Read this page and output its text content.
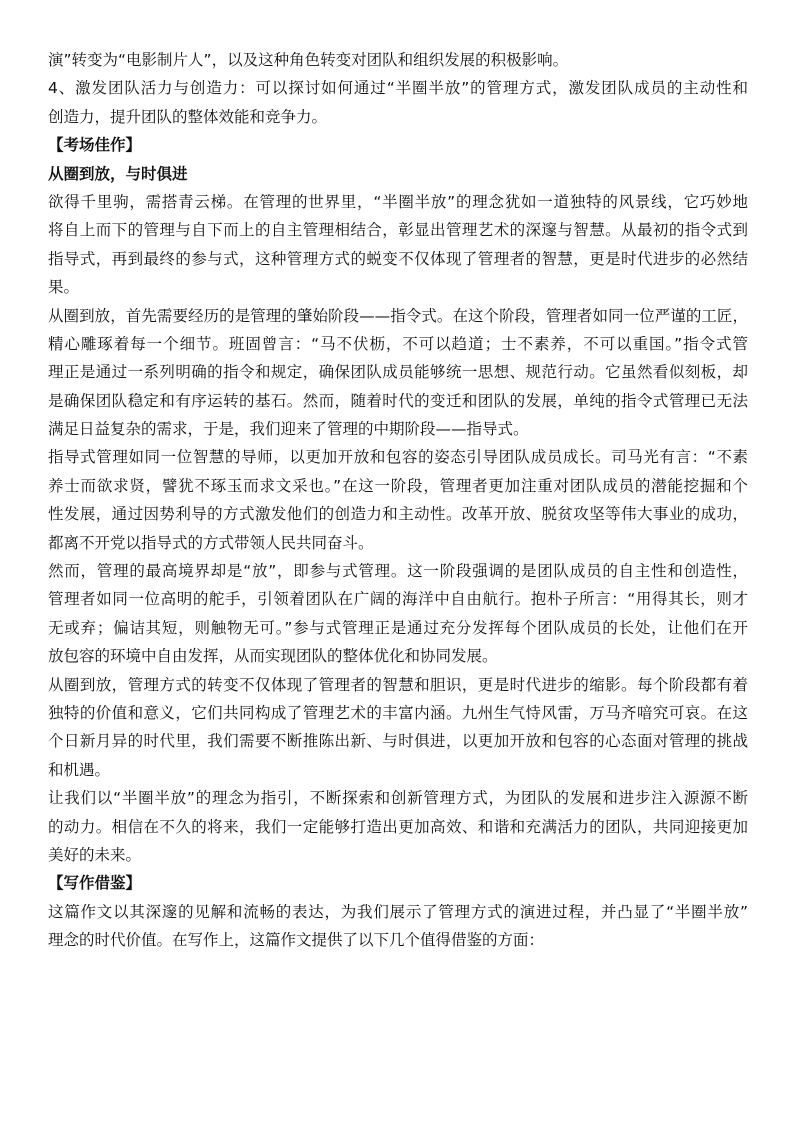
演”转变为“电影制片人”，以及这种角色转变对团队和组织发展的积极影响。
4、激发团队活力与创造力：可以探讨如何通过“半圈半放”的管理方式，激发团队成员的主动性和
创造力，提升团队的整体效能和竞争力。
【考场佳作】
从圈到放，与时俱进
欲得千里驹，需搭青云梯。在管理的世界里，“半圈半放”的理念犹如一道独特的风景线，它巧妙地
将自上而下的管理与自下而上的自主管理相结合，彰显出管理艺术的深邃与智慧。从最初的指令式到
指导式，再到最终的参与式，这种管理方式的蜕变不仅体现了管理者的智慧，更是时代进步的必然结
果。
从圈到放，首先需要经历的是管理的肇始阶段——指令式。在这个阶段，管理者如同一位严谨的工匠，
精心雕琢着每一个细节。班固曾言：“马不伏枥，不可以趋道；士不素养，不可以重国。”指令式管
理正是通过一系列明确的指令和规定，确保团队成员能够统一思想、规范行动。它虽然看似刻板，却
是确保团队稳定和有序运转的基石。然而，随着时代的变迁和团队的发展，单纯的指令式管理已无法
满足日益复杂的需求，于是，我们迎来了管理的中期阶段——指导式。
指导式管理如同一位智慧的导师，以更加开放和包容的姿态引导团队成员成长。司马光有言：“不素
养士而欲求贤，譬犹不琢玉而求文采也。”在这一阶段，管理者更加注重对团队成员的潜能挖掘和个
性发展，通过因势利导的方式激发他们的创造力和主动性。改革开放、脱贫攻坚等伟大事业的成功，
都离不开党以指导式的方式带领人民共同奋斗。
然而，管理的最高境界却是“放”，即参与式管理。这一阶段强调的是团队成员的自主性和创造性，
管理者如同一位高明的舵手，引领着团队在广阔的海洋中自由航行。抱朴子所言：“用得其长，则才
无或弃；偏诘其短，则触物无可。”参与式管理正是通过充分发挥每个团队成员的长处，让他们在开
放包容的环境中自由发挥，从而实现团队的整体优化和协同发展。
从圈到放，管理方式的转变不仅体现了管理者的智慧和胆识，更是时代进步的缩影。每个阶段都有着
独特的价值和意义，它们共同构成了管理艺术的丰富内涵。九州生气恃风雷，万马齐喑究可哀。在这
个日新月异的时代里，我们需要不断推陈出新、与时俱进，以更加开放和包容的心态面对管理的挑战
和机遇。
让我们以“半圈半放”的理念为指引，不断探索和创新管理方式，为团队的发展和进步注入源源不断
的动力。相信在不久的将来，我们一定能够打造出更加高效、和谐和充满活力的团队，共同迎接更加
美好的未来。
【写作借鉴】
这篇作文以其深邃的见解和流畅的表达，为我们展示了管理方式的演进过程，并凸显了“半圈半放”
理念的时代价值。在写作上，这篇作文提供了以下几个值得借鉴的方面：
